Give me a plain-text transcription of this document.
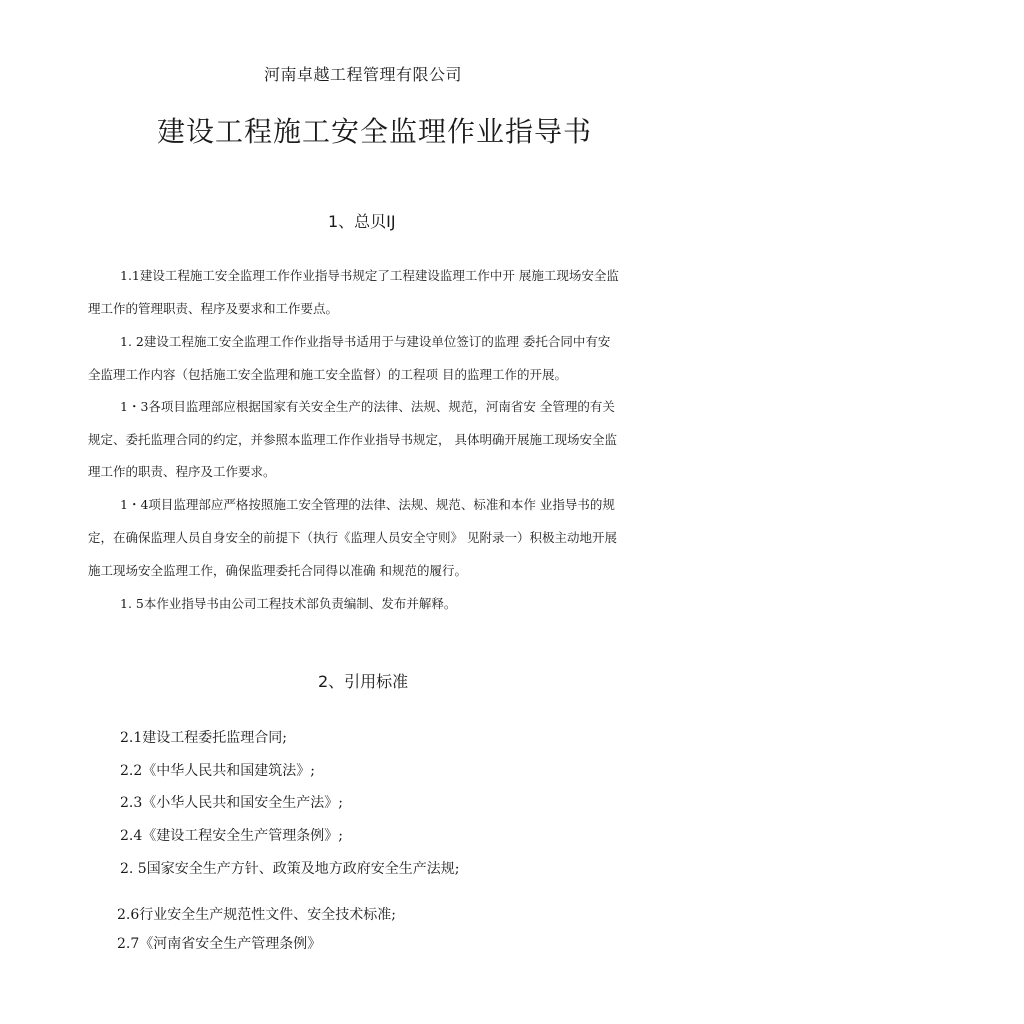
河南卓越工程管理有限公司
建设工程施工安全监理作业指导书
1、总贝IJ
1.1建设工程施工安全监理工作作业指导书规定了工程建设监理工作中开 展施工现场安全监
理工作的管理职责、程序及要求和工作要点。
1. 2建设工程施工安全监理工作作业指导书适用于与建设单位签订的监理 委托合同中有安
全监理工作内容（包括施工安全监理和施工安全监督）的工程项 目的监理工作的开展。
1・3各项目监理部应根据国家有关安全生产的法律、法规、规范，河南省安 全管理的有关
规定、委托监理合同的约定，并参照本监理工作作业指导书规定， 具体明确开展施工现场安全监
理工作的职责、程序及工作要求。
1・4项目监理部应严格按照施工安全管理的法律、法规、规范、标准和本作 业指导书的规
定，在确保监理人员自身安全的前提下（执行《监理人员安全守则》 见附录一）积极主动地开展
施工现场安全监理工作，确保监理委托合同得以准确 和规范的履行。
1. 5本作业指导书由公司工程技术部负责编制、发布并解释。
2、引用标准
2.1建设工程委托监理合同;
2.2《中华人民共和国建筑法》;
2.3《小华人民共和国安全生产法》;
2.4《建设工程安全生产管理条例》;
2. 5国家安全生产方针、政策及地方政府安全生产法规;
2.6行业安全生产规范性文件、安全技术标准;
2.7《河南省安全生产管理条例》
